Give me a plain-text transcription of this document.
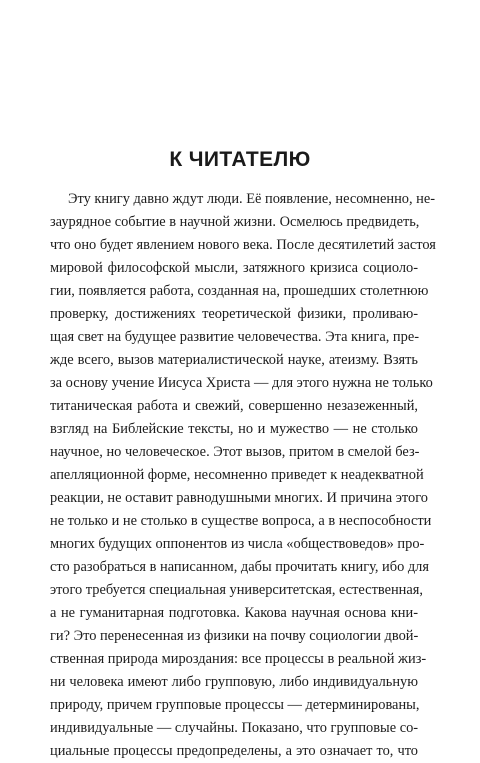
К ЧИТАТЕЛЮ
Эту книгу давно ждут люди. Её появление, несомненно, не-
заурядное событие в научной жизни. Осмелюсь предвидеть,
что оно будет явлением нового века. После десятилетий застоя
мировой философской мысли, затяжного кризиса социоло-
гии, появляется работа, созданная на, прошедших столетнюю
проверку, достижениях теоретической физики, проливаю-
щая свет на будущее развитие человечества. Эта книга, пре-
жде всего, вызов материалистической науке, атеизму. Взять
за основу учение Иисуса Христа — для этого нужна не только
титаническая работа и свежий, совершенно незазеженный,
взгляд на Библейские тексты, но и мужество — не столько
научное, но человеческое. Этот вызов, притом в смелой без-
апелляционной форме, несомненно приведет к неадекватной
реакции, не оставит равнодушными многих. И причина этого
не только и не столько в существе вопроса, а в неспособности
многих будущих оппонентов из числа «обществоведов» про-
сто разобраться в написанном, дабы прочитать книгу, ибо для
этого требуется специальная университетская, естественная,
а не гуманитарная подготовка. Какова научная основа кни-
ги? Это перенесенная из физики на почву социологии двой-
ственная природа мироздания: все процессы в реальной жиз-
ни человека имеют либо групповую, либо индивидуальную
природу, причем групповые процессы — детерминированы,
индивидуальные — случайны. Показано, что групповые со-
циальные процессы предопределены, а это означает то, что
